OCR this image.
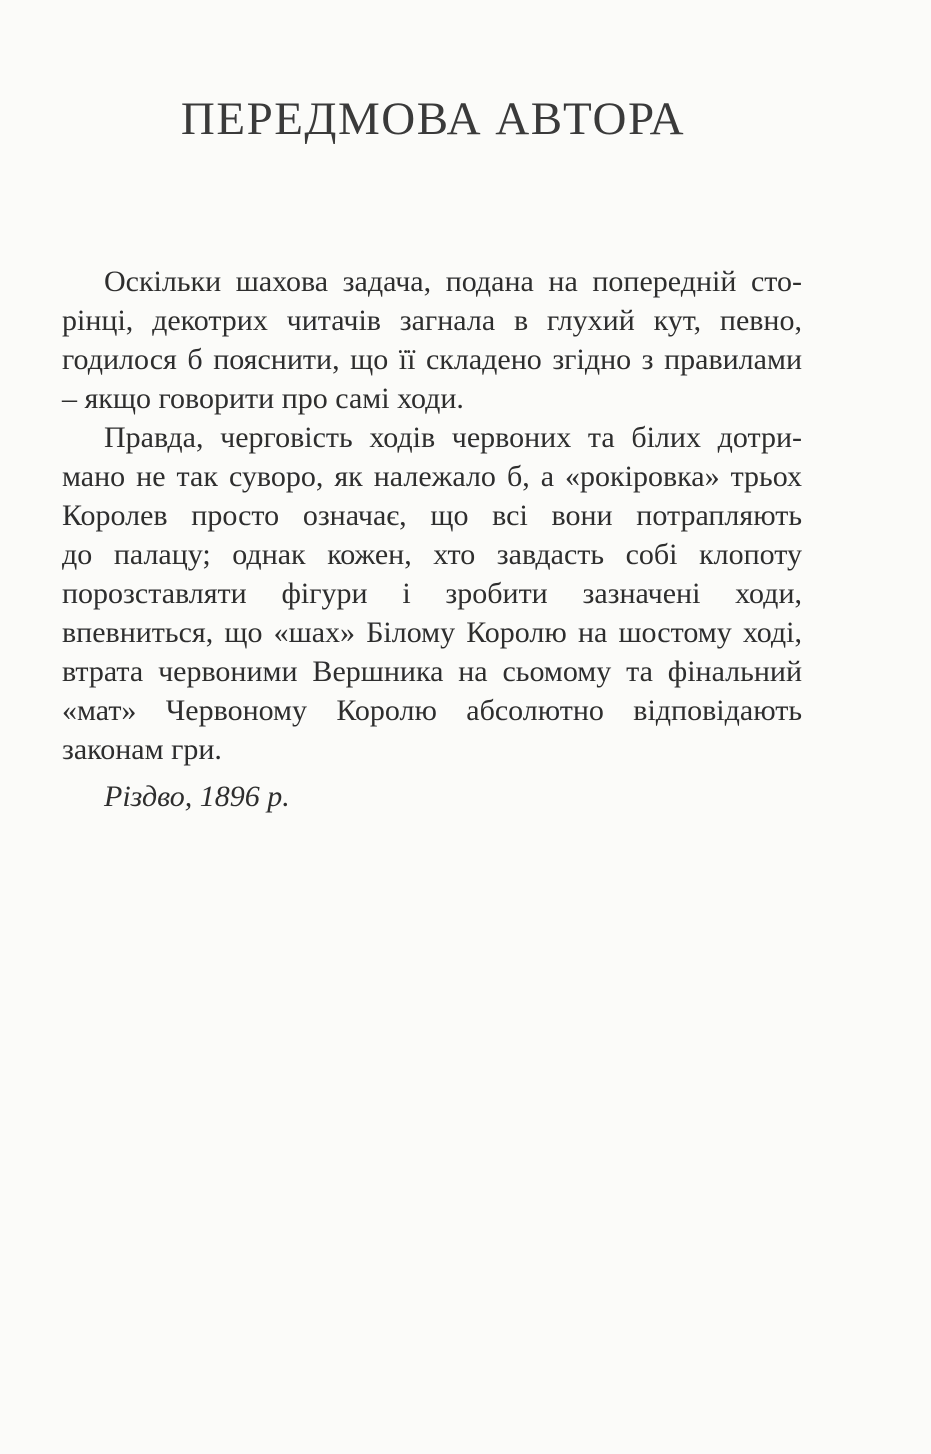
ПЕРЕДМОВА АВТОРА
Оскільки шахова задача, подана на попередній сто-
рінці, декотрих читачів загнала в глухий кут, певно,
годилося б пояснити, що її складено згідно з правилами
– якщо говорити про самі ходи.
Правда, черговість ходів червоних та білих дотри-
мано не так суворо, як належало б, а «рокіровка» трьох
Королев просто означає, що всі вони потрапляють
до палацу; однак кожен, хто завдасть собі клопоту
порозставляти фігури і зробити зазначені ходи,
впевниться, що «шах» Білому Королю на шостому ході,
втрата червоними Вершника на сьомому та фінальний
«мат» Червоному Королю абсолютно відповідають
законам гри.
Різдво, 1896 р.
